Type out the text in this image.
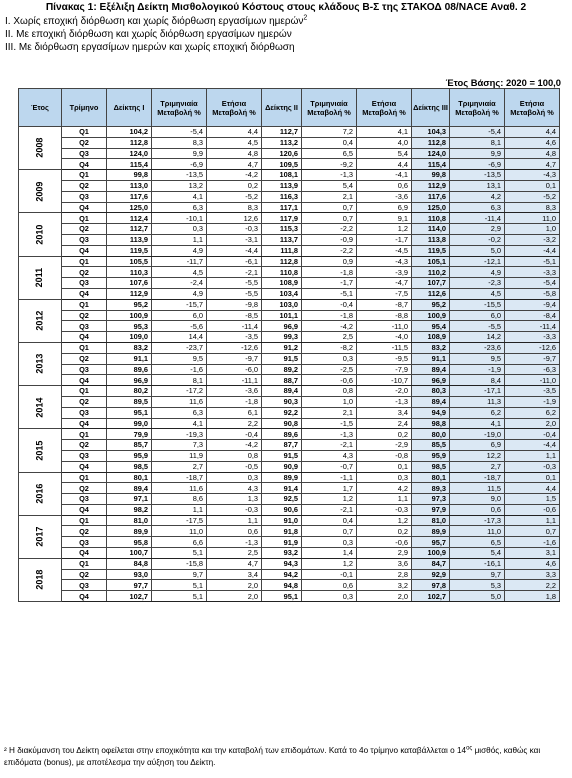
Πίνακας 1: Εξέλιξη Δείκτη Μισθολογικού Κόστους στους κλάδους Β-Σ της ΣΤΑΚΟΔ 08/NACE Αναθ. 2
I. Χωρίς εποχική διόρθωση και χωρίς διόρθωση εργασίμων ημερών$^2$
II. Με εποχική διόρθωση και χωρίς διόρθωση εργασίμων ημερών
III. Με διόρθωση εργασίμων ημερών και χωρίς εποχική διόρθωση
Έτος Βάσης: 2020 = 100,0
Έτος	Τρίμηνο	Δείκτης I	Τριμηνιαία Μεταβολή %	Ετήσια Μεταβολή %	Δείκτης II	Τριμηνιαία Μεταβολή %	Ετήσια Μεταβολή %	Δείκτης III	Τριμηνιαία Μεταβολή %	Ετήσια Μεταβολή %
2008	Q1	104,2	-5,4	4,4	112,7	7,2	4,1	104,3	-5,4	4,4
	Q2	112,8	8,3	4,5	113,2	0,4	4,0	112,8	8,1	4,6
	Q3	124,0	9,9	4,8	120,6	6,5	5,4	124,0	9,9	4,8
	Q4	115,4	-6,9	4,7	109,5	-9,2	4,4	115,4	-6,9	4,7
2009	Q1	99,8	-13,5	-4,2	108,1	-1,3	-4,1	99,8	-13,5	-4,3
	Q2	113,0	13,2	0,2	113,9	5,4	0,6	112,9	13,1	0,1
	Q3	117,6	4,1	-5,2	116,3	2,1	-3,6	117,6	4,2	-5,2
	Q4	125,0	6,3	8,3	117,1	0,7	6,9	125,0	6,3	8,3
2010	Q1	112,4	-10,1	12,6	117,9	0,7	9,1	110,8	-11,4	11,0
	Q2	112,7	0,3	-0,3	115,3	-2,2	1,2	114,0	2,9	1,0
	Q3	113,9	1,1	-3,1	113,7	-0,9	-1,7	113,8	-0,2	-3,2
	Q4	119,5	4,9	-4,4	111,8	-2,2	-4,5	119,5	5,0	-4,4
2011	Q1	105,5	-11,7	-6,1	112,8	0,9	-4,3	105,1	-12,1	-5,1
	Q2	110,3	4,5	-2,1	110,8	-1,8	-3,9	110,2	4,9	-3,3
	Q3	107,6	-2,4	-5,5	108,9	-1,7	-4,7	107,7	-2,3	-5,4
	Q4	112,9	4,9	-5,5	103,4	-5,1	-7,5	112,6	4,5	-5,8
2012	Q1	95,2	-15,7	-9,8	103,0	-0,4	-8,7	95,2	-15,5	-9,4
	Q2	100,9	6,0	-8,5	101,1	-1,8	-8,8	100,9	6,0	-8,4
	Q3	95,3	-5,6	-11,4	96,9	-4,2	-11,0	95,4	-5,5	-11,4
	Q4	109,0	14,4	-3,5	99,3	2,5	-4,0	108,9	14,2	-3,3
2013	Q1	83,2	-23,7	-12,6	91,2	-8,2	-11,5	83,2	-23,6	-12,6
	Q2	91,1	9,5	-9,7	91,5	0,3	-9,5	91,1	9,5	-9,7
	Q3	89,6	-1,6	-6,0	89,2	-2,5	-7,9	89,4	-1,9	-6,3
	Q4	96,9	8,1	-11,1	88,7	-0,6	-10,7	96,9	8,4	-11,0
2014	Q1	80,2	-17,2	-3,6	89,4	0,8	-2,0	80,3	-17,1	-3,5
	Q2	89,5	11,6	-1,8	90,3	1,0	-1,3	89,4	11,3	-1,9
	Q3	95,1	6,3	6,1	92,2	2,1	3,4	94,9	6,2	6,2
	Q4	99,0	4,1	2,2	90,8	-1,5	2,4	98,8	4,1	2,0
2015	Q1	79,9	-19,3	-0,4	89,6	-1,3	0,2	80,0	-19,0	-0,4
	Q2	85,7	7,3	-4,2	87,7	-2,1	-2,9	85,5	6,9	-4,4
	Q3	95,9	11,9	0,8	91,5	4,3	-0,8	95,9	12,2	1,1
	Q4	98,5	2,7	-0,5	90,9	-0,7	0,1	98,5	2,7	-0,3
2016	Q1	80,1	-18,7	0,3	89,9	-1,1	0,3	80,1	-18,7	0,1
	Q2	89,4	11,6	4,3	91,4	1,7	4,2	89,3	11,5	4,4
	Q3	97,1	8,6	1,3	92,5	1,2	1,1	97,3	9,0	1,5
	Q4	98,2	1,1	-0,3	90,6	-2,1	-0,3	97,9	0,6	-0,6
2017	Q1	81,0	-17,5	1,1	91,0	0,4	1,2	81,0	-17,3	1,1
	Q2	89,9	11,0	0,6	91,8	0,7	0,2	89,9	11,0	0,7
	Q3	95,8	6,6	-1,3	91,9	0,3	-0,6	95,7	6,5	-1,6
	Q4	100,7	5,1	2,5	93,2	1,4	2,9	100,9	5,4	3,1
2018	Q1	84,8	-15,8	4,7	94,3	1,2	3,6	84,7	-16,1	4,6
	Q2	93,0	9,7	3,4	94,2	-0,1	2,8	92,9	9,7	3,3
	Q3	97,7	5,1	2,0	94,8	0,6	3,2	97,8	5,3	2,2
	Q4	102,7	5,1	2,0	95,1	0,3	2,0	102,7	5,0	1,8
² Η διακύμανση του Δείκτη οφείλεται στην εποχικότητα και την καταβολή των επιδομάτων. Κατά το 4ο τρίμηνο καταβάλλεται ο $14^{o\varsigma}$ μισθός, καθώς και επιδόματα (bonus), με αποτέλεσμα την αύξηση του Δείκτη.
